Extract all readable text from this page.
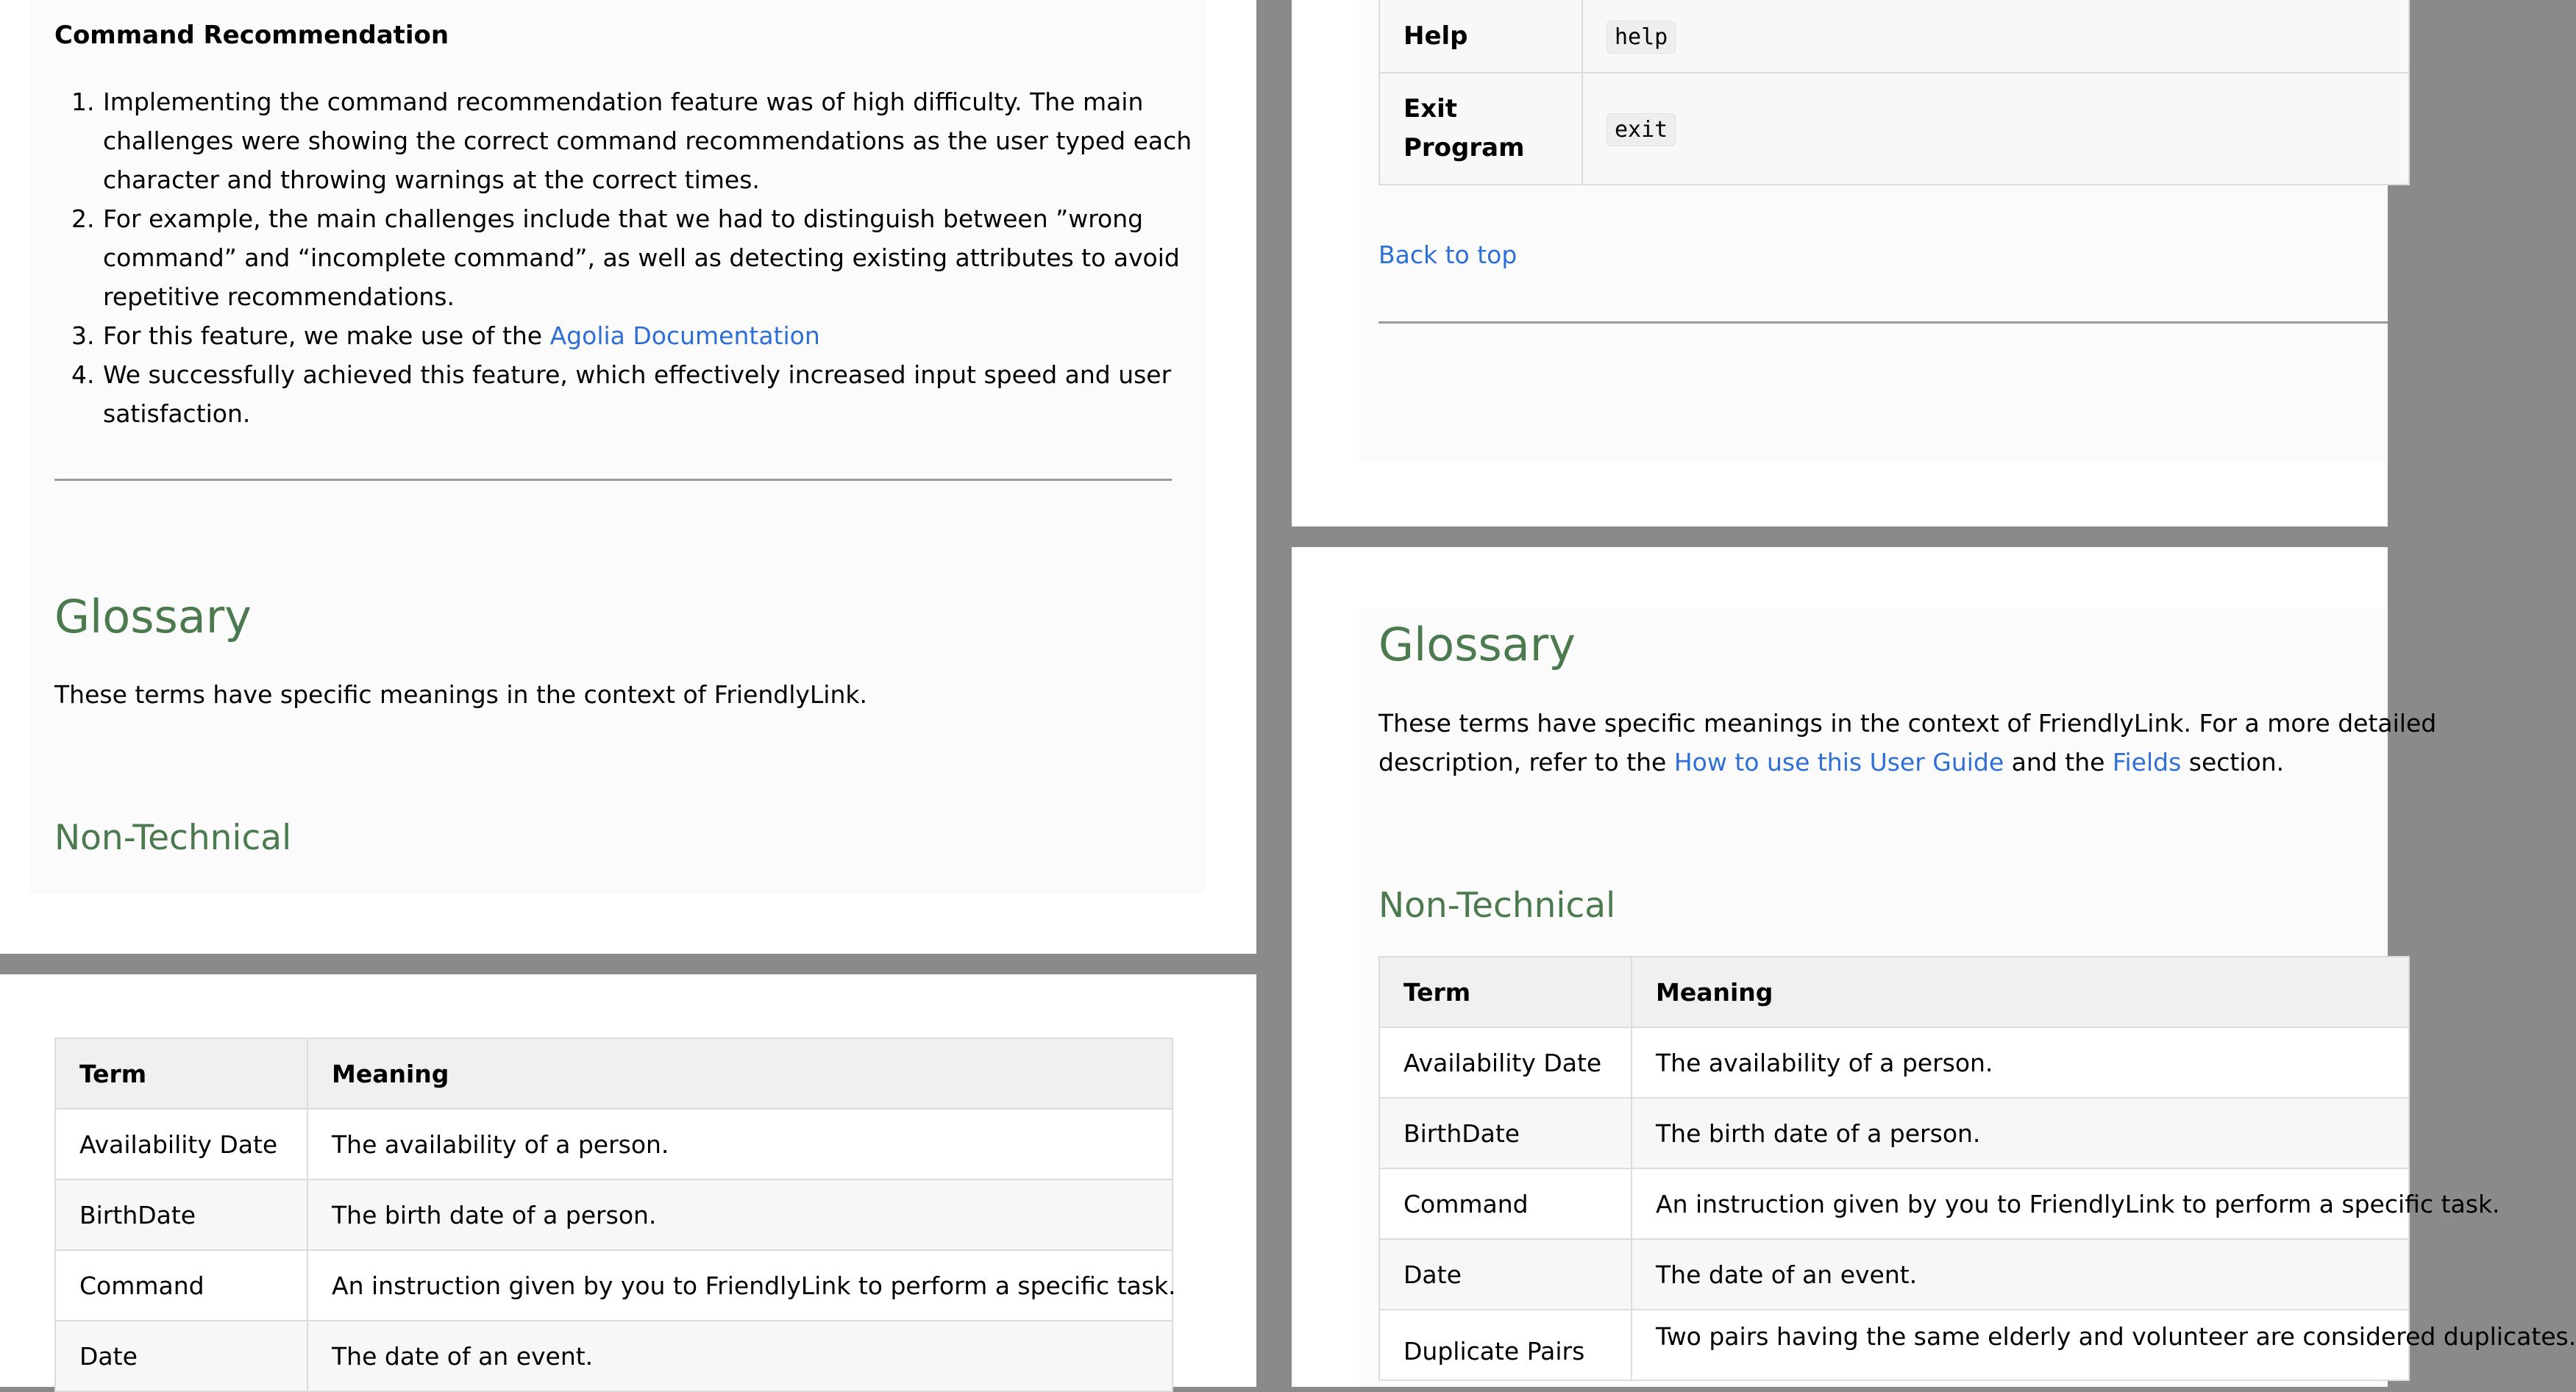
Command Recommendation
1. Implementing the command recommendation feature was of high difficulty. The main
challenges were showing the correct command recommendations as the user typed each
character and throwing warnings at the correct times.
2. For example, the main challenges include that we had to distinguish between ”wrong
command” and “incomplete command”, as well as detecting existing attributes to avoid
repetitive recommendations.
3. For this feature, we make use of the Agolia Documentation
4. We successfully achieved this feature, which effectively increased input speed and user
satisfaction.
Glossary
These terms have specific meanings in the context of FriendlyLink.
Non-Technical
Term	Meaning
Availability Date	The availability of a person.
BirthDate	The birth date of a person.
Command	An instruction given by you to FriendlyLink to perform a specific task.
Date	The date of an event.
Help	help

Exit
Program	exit
Back to top
Glossary
These terms have specific meanings in the context of FriendlyLink. For a more detailed
description, refer to the How to use this User Guide and the Fields section.
Non-Technical
Term	Meaning
Availability Date	The availability of a person.
BirthDate	The birth date of a person.
Command	An instruction given by you to FriendlyLink to perform a specific task.
Date	The date of an event.
Duplicate Pairs	Two pairs having the same elderly and volunteer are considered duplicates.
